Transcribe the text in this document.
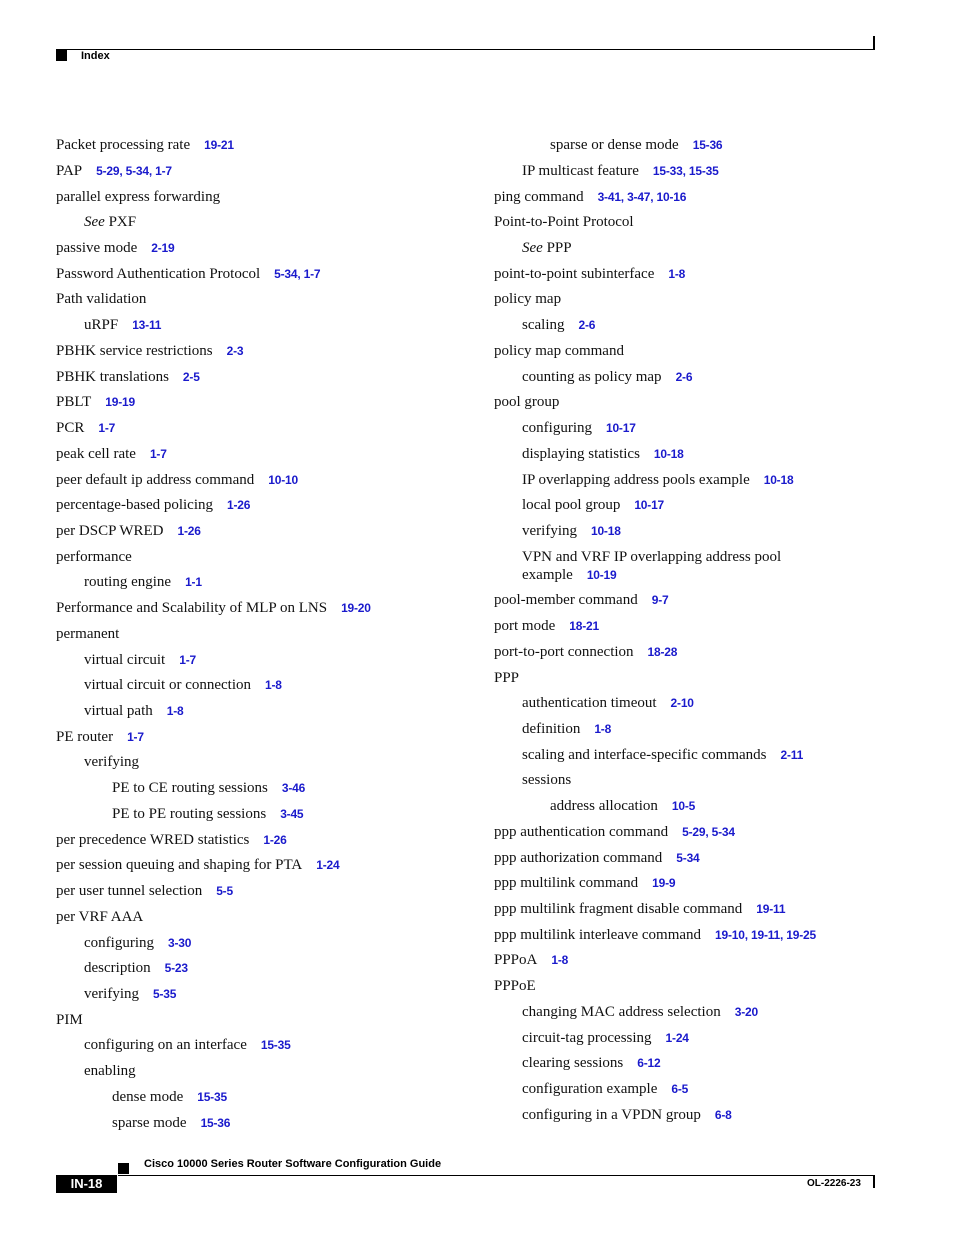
Index
Packet processing rate 19-21
PAP 5-29, 5-34, 1-7
parallel express forwarding
See PXF
passive mode 2-19
Password Authentication Protocol 5-34, 1-7
Path validation
uRPF 13-11
PBHK service restrictions 2-3
PBHK translations 2-5
PBLT 19-19
PCR 1-7
peak cell rate 1-7
peer default ip address command 10-10
percentage-based policing 1-26
per DSCP WRED 1-26
performance
routing engine 1-1
Performance and Scalability of MLP on LNS 19-20
permanent
virtual circuit 1-7
virtual circuit or connection 1-8
virtual path 1-8
PE router 1-7
verifying
PE to CE routing sessions 3-46
PE to PE routing sessions 3-45
per precedence WRED statistics 1-26
per session queuing and shaping for PTA 1-24
per user tunnel selection 5-5
per VRF AAA
configuring 3-30
description 5-23
verifying 5-35
PIM
configuring on an interface 15-35
enabling
dense mode 15-35
sparse mode 15-36
sparse or dense mode 15-36
IP multicast feature 15-33, 15-35
ping command 3-41, 3-47, 10-16
Point-to-Point Protocol
See PPP
point-to-point subinterface 1-8
policy map
scaling 2-6
policy map command
counting as policy map 2-6
pool group
configuring 10-17
displaying statistics 10-18
IP overlapping address pools example 10-18
local pool group 10-17
verifying 10-18
VPN and VRF IP overlapping address pool
example 10-19
pool-member command 9-7
port mode 18-21
port-to-port connection 18-28
PPP
authentication timeout 2-10
definition 1-8
scaling and interface-specific commands 2-11
sessions
address allocation 10-5
ppp authentication command 5-29, 5-34
ppp authorization command 5-34
ppp multilink command 19-9
ppp multilink fragment disable command 19-11
ppp multilink interleave command 19-10, 19-11, 19-25
PPPoA 1-8
PPPoE
changing MAC address selection 3-20
circuit-tag processing 1-24
clearing sessions 6-12
configuration example 6-5
configuring in a VPDN group 6-8
Cisco 10000 Series Router Software Configuration Guide
IN-18	OL-2226-23
